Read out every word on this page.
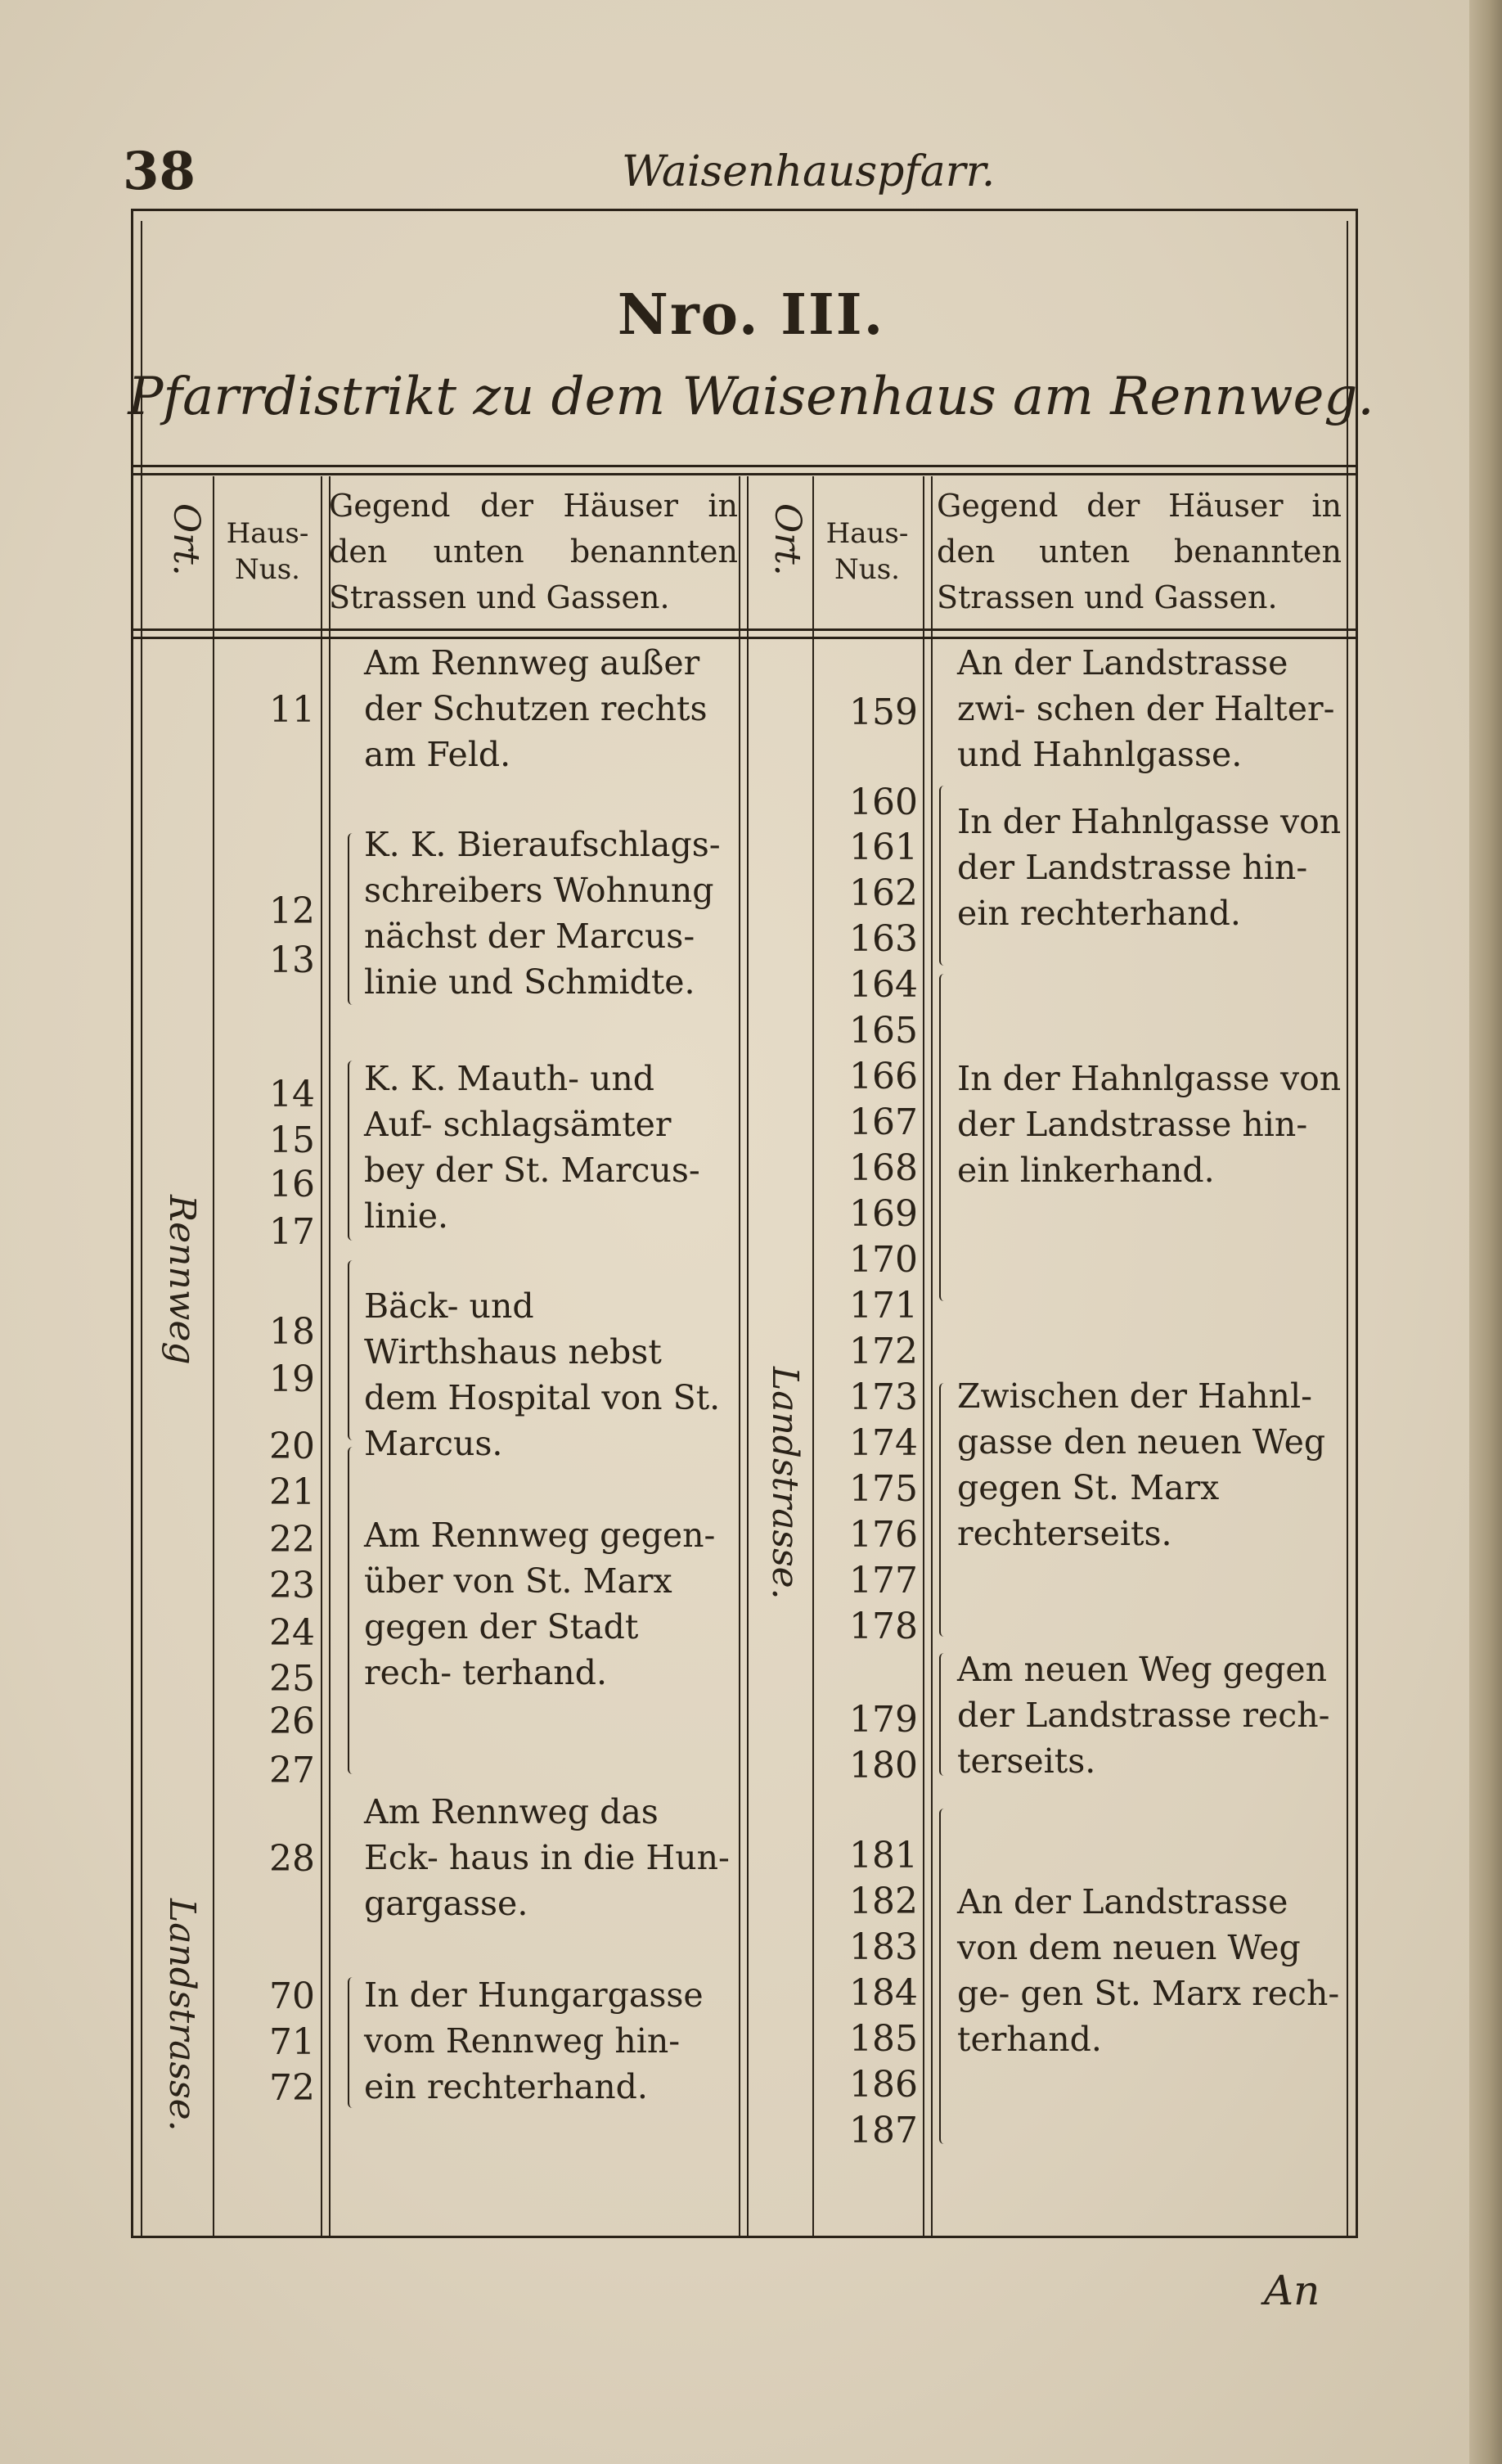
38	Waisenhauspfarr.
Nro. III.
Pfarrdistrikt zu dem Waisenhaus am Rennweg.
Ort. Haus-
Nus.
Gegend der Häuser in den unten benannten Strassen und Gassen.
Ort. Haus-
Nus.
Gegend der Häuser in den unten benannten Strassen und Gassen.
Rennweg
Landstrasse.
Landstrasse.
11
12
13
14
15
16
17
18
19
20
21
22
23
24
25
26
27
28
70
71
72
Am Rennweg außer der Schutzen rechts am Feld.
K. K. Bieraufschlags- schreibers Wohnung nächst der Marcus- linie und Schmidte.
K. K. Mauth- und Auf- schlagsämter bey der St. Marcus- linie.
Bäck- und Wirthshaus nebst dem Hospital von St. Marcus.
Am Rennweg gegen- über von St. Marx gegen der Stadt rech- terhand.
Am Rennweg das Eck- haus in die Hun- gargasse.
In der Hungargasse vom Rennweg hin- ein rechterhand.
159
160
161
162
163
164
165
166
167
168
169
170
171
172
173
174
175
176
177
178
179
180
181
182
183
184
185
186
187
An der Landstrasse zwi- schen der Halter- und Hahnlgasse.
In der Hahnlgasse von der Landstrasse hin- ein rechterhand.
In der Hahnlgasse von der Landstrasse hin- ein linkerhand.
Zwischen der Hahnl- gasse den neuen Weg gegen St. Marx rechterseits.
Am neuen Weg gegen der Landstrasse rech- terseits.
An der Landstrasse von dem neuen Weg ge- gen St. Marx rech- terhand.
An
